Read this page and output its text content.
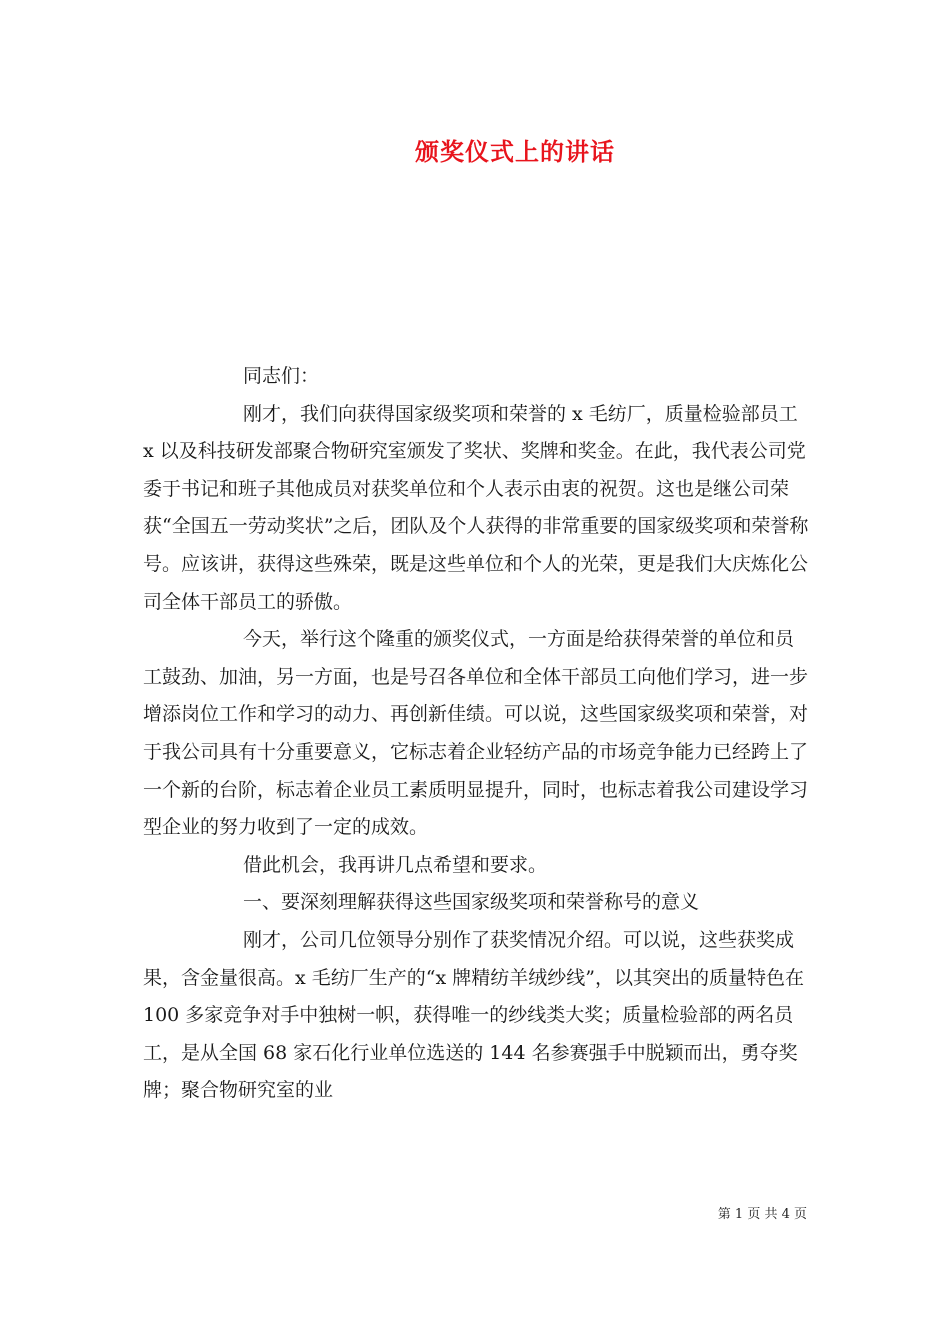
颁奖仪式上的讲话

同志们：

刚才，我们向获得国家级奖项和荣誉的 x 毛纺厂，质量检验部员工 x 以及科技研发部聚合物研究室颁发了奖状、奖牌和奖金。在此，我代表公司党委于书记和班子其他成员对获奖单位和个人表示由衷的祝贺。这也是继公司荣获“全国五一劳动奖状”之后，团队及个人获得的非常重要的国家级奖项和荣誉称号。应该讲，获得这些殊荣，既是这些单位和个人的光荣，更是我们大庆炼化公司全体干部员工的骄傲。

今天，举行这个隆重的颁奖仪式，一方面是给获得荣誉的单位和员工鼓劲、加油，另一方面，也是号召各单位和全体干部员工向他们学习，进一步增添岗位工作和学习的动力、再创新佳绩。可以说，这些国家级奖项和荣誉，对于我公司具有十分重要意义，它标志着企业轻纺产品的市场竞争能力已经跨上了一个新的台阶，标志着企业员工素质明显提升，同时，也标志着我公司建设学习型企业的努力收到了一定的成效。

借此机会，我再讲几点希望和要求。

一、要深刻理解获得这些国家级奖项和荣誉称号的意义

刚才，公司几位领导分别作了获奖情况介绍。可以说，这些获奖成果，含金量很高。x 毛纺厂生产的“x 牌精纺羊绒纱线”，以其突出的质量特色在 100 多家竞争对手中独树一帜，获得唯一的纱线类大奖；质量检验部的两名员工，是从全国 68 家石化行业单位选送的 144 名参赛强手中脱颖而出，勇夺奖牌；聚合物研究室的业

第 1 页 共 4 页
